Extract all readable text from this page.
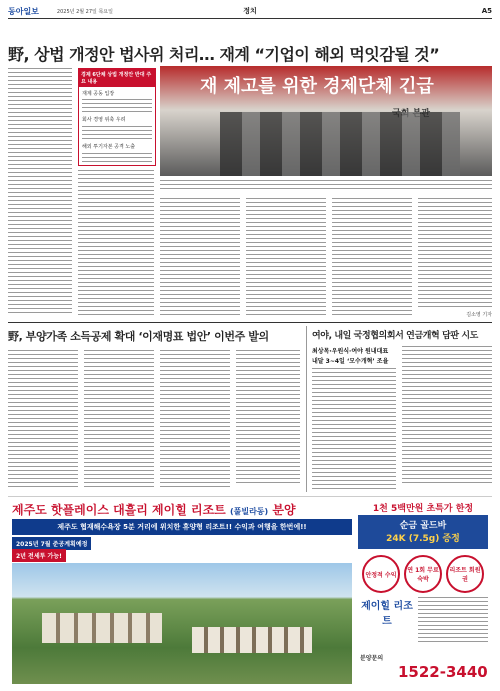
동아일보	2025년 2월 27일 목요일	정치	A5
野, 상법 개정안 법사위 처리… 재계 “기업이 해외 먹잇감될 것”
경제 6단체 상법 개정안 반대 주요 내용
재계 공동 입장
회사 경영 위축 우려
해외 투기자본 공격 노출
재 제고를 위한 경제단체 긴급
김소영 기자
野, 부양가족 소득공제 확대 ‘이재명표 법안’ 이번주 발의	여야, 내일 국정협의회서 연금개혁 담판 시도
최상목·우원식·여야 원내대표
내달 3~4일 ‘모수개혁’ 조율
제주도 핫플레이스 대흘리 제이힐 리조트 (풀빌라동) 분양
제주도 협재해수욕장 5분 거리에 위치한 휴양형 리조트!! 수익과 여행을 한번에!!
2025년 7월 준공계획예정
2년 전세투 가능!
1천 5백만원 초특가 한정
순금 골드바
24K (7.5g) 증정
안정적 수익
연 1회 무료숙박
리조트 회원권
제이힐 리조트
분양문의
1522-3440
